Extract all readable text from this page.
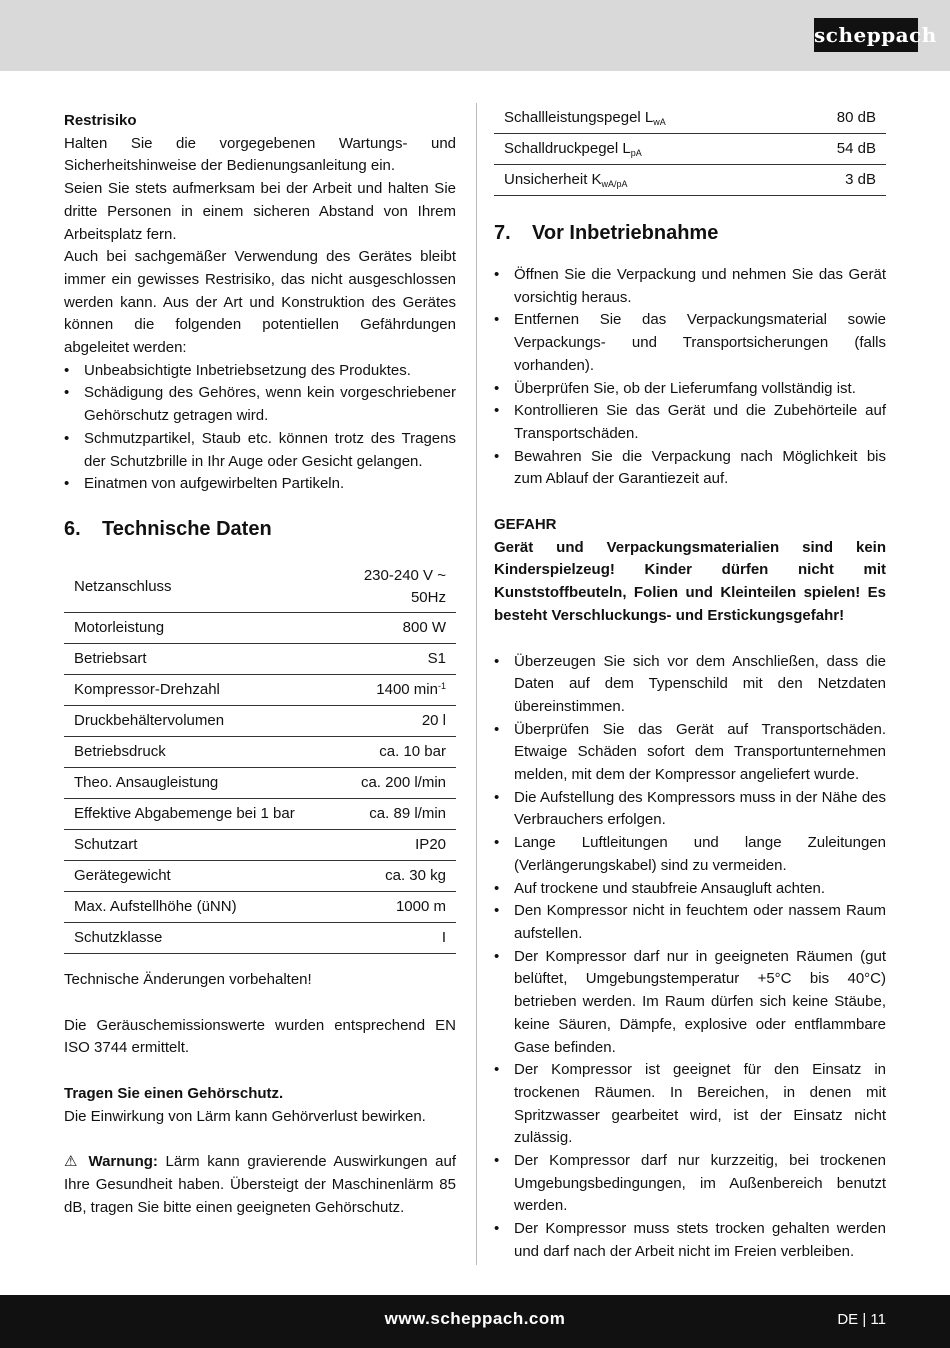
scheppach

Restrisiko

Halten Sie die vorgegebenen Wartungs- und Sicherheitshinweise der Bedienungsanleitung ein.

Seien Sie stets aufmerksam bei der Arbeit und halten Sie dritte Personen in einem sicheren Abstand von Ihrem Arbeitsplatz fern.

Auch bei sachgemäßer Verwendung des Gerätes bleibt immer ein gewisses Restrisiko, das nicht ausgeschlossen werden kann. Aus der Art und Konstruktion des Gerätes können die folgenden potentiellen Gefährdungen abgeleitet werden:

• Unbeabsichtigte Inbetriebsetzung des Produktes.
• Schädigung des Gehöres, wenn kein vorgeschriebener Gehörschutz getragen wird.
• Schmutzpartikel, Staub etc. können trotz des Tragens der Schutzbrille in Ihr Auge oder Gesicht gelangen.
• Einatmen von aufgewirbelten Partikeln.
6. Technische Daten
Netzanschluss	230-240 V ~ 50Hz
Motorleistung	800 W
Betriebsart	S1
Kompressor-Drehzahl	1400 $\min^{-1}$
Druckbehältervolumen	20 l
Betriebsdruck	ca. 10 bar
Theo. Ansaugleistung	ca. 200 l/min
Effektive Abgabemenge bei 1 bar	ca. 89 l/min
Schutzart	IP20
Gerätegewicht	ca. 30 kg
Max. Aufstellhöhe (üNN)	1000 m
Schutzklasse	I

Technische Änderungen vorbehalten!

Die Geräuschemissionswerte wurden entsprechend EN ISO 3744 ermittelt.

Tragen Sie einen Gehörschutz.

Die Einwirkung von Lärm kann Gehörverlust bewirken.

⚠ Warnung: Lärm kann gravierende Auswirkungen auf Ihre Gesundheit haben. Übersteigt der Maschinenlärm 85 dB, tragen Sie bitte einen geeigneten Gehörschutz.

Schallleistungspegel $L_{wA}$	80 dB
Schalldruckpegel $L_{pA}$	54 dB
Unsicherheit $K_{wA/pA}$	3 dB
7. Vor Inbetriebnahme
• Öffnen Sie die Verpackung und nehmen Sie das Gerät vorsichtig heraus.
• Entfernen Sie das Verpackungsmaterial sowie Verpackungs- und Transportsicherungen (falls vorhanden).
• Überprüfen Sie, ob der Lieferumfang vollständig ist.
• Kontrollieren Sie das Gerät und die Zubehörteile auf Transportschäden.
• Bewahren Sie die Verpackung nach Möglichkeit bis zum Ablauf der Garantiezeit auf.

GEFAHR

Gerät und Verpackungsmaterialien sind kein Kinderspielzeug! Kinder dürfen nicht mit Kunststoffbeuteln, Folien und Kleinteilen spielen! Es besteht Verschluckungs- und Erstickungsgefahr!

• Überzeugen Sie sich vor dem Anschließen, dass die Daten auf dem Typenschild mit den Netzdaten übereinstimmen.
• Überprüfen Sie das Gerät auf Transportschäden. Etwaige Schäden sofort dem Transportunternehmen melden, mit dem der Kompressor angeliefert wurde.
• Die Aufstellung des Kompressors muss in der Nähe des Verbrauchers erfolgen.
• Lange Luftleitungen und lange Zuleitungen (Verlängerungskabel) sind zu vermeiden.
• Auf trockene und staubfreie Ansaugluft achten.
• Den Kompressor nicht in feuchtem oder nassem Raum aufstellen.
• Der Kompressor darf nur in geeigneten Räumen (gut belüftet, Umgebungstemperatur +5°C bis 40°C) betrieben werden. Im Raum dürfen sich keine Stäube, keine Säuren, Dämpfe, explosive oder entflammbare Gase befinden.
• Der Kompressor ist geeignet für den Einsatz in trockenen Räumen. In Bereichen, in denen mit Spritzwasser gearbeitet wird, ist der Einsatz nicht zulässig.
• Der Kompressor darf nur kurzzeitig, bei trockenen Umgebungsbedingungen, im Außenbereich benutzt werden.
• Der Kompressor muss stets trocken gehalten werden und darf nach der Arbeit nicht im Freien verbleiben.
www.scheppach.com	DE | 11
